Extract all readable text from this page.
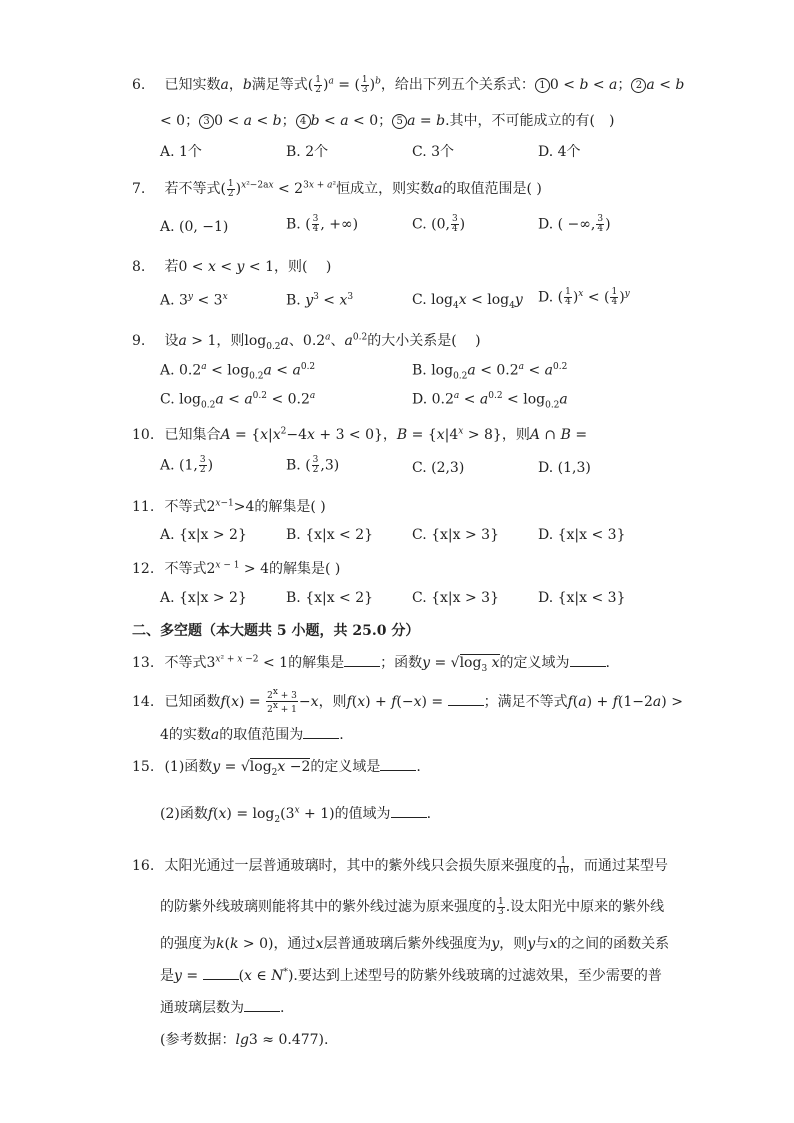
6. 已知实数a，b满足等式( $\frac{1}{2} )^a$ = ( $\frac{1}{3} )^b$，给出下列五个关系式： 1 0 < b < a； 2 a < b
< 0； 3 0 < a < b； 4 b < a < 0； 5 a = b.其中，不可能成立的有(　)
A. 1个	B. 2个	C. 3个	D. 4个
7. 若不等式( $\frac{1}{2} )^{x^2-2ax} < 2^{3x + a^2}$恒成立，则实数a的取值范围是( )
A. (0, −1)	B. ( $\frac{3}{4}$ , +∞)	C. (0, $\frac{3}{4}$ )	D. ( −∞, $\frac{3}{4}$ )
8. 若0 < x < y < 1，则(　 )
A. $3^y < 3^x$	B. $y^3 < x^3$	C. $\log_4x < \log_4y$ D. ( $\frac{1}{4} )^x$ < ( $\frac{1}{4} )^y$
9. 设a > 1，则$\log_{0.2}a$、0.2$^a$、$a^{0.2}$的大小关系是(　 )
A. $0.2^a < \log_{0.2}a < a^{0.2}$	B. $\log_{0.2}a < 0.2^a < a^{0.2}$
C. $\log_{0.2}a < a^{0.2} < 0.2^a$	D. $0.2^a < a^{0.2} < \log_{0.2}a$
10. 已知集合$A = \{x|x^2-4x + 3 < 0\}$，$B = \{x|4^x > 8\}$，则A ∩ B =
A. (1, $\frac{3}{2}$ )	B. ( $\frac{3}{2} ,3$)	C. (2,3)	D. (1,3)
11. 不等式$2^{x-1}>4$的解集是( )
A. {x|x > 2}	B. {x|x < 2}	C. {x|x > 3}	D. {x|x < 3}
12. 不等式$2^{x - 1} > 4$的解集是( )
A. {x|x > 2}	B. {x|x < 2}	C. {x|x > 3}	D. {x|x < 3}
二、多空题（本大题共 5 小题，共 25.0 分）
13. 不等式$3^{x^2 + x -2} < 1$的解集是	；函数$y = √\log_3$ x的定义域为	.
14. 已知函数$f(x) = \frac{2^x + 3}{2^x + 1} -x$，则f(x) + f(−x) =	；满足不等式f(a) + f(1−2a) >
4的实数a的取值范围为	.
15. (1)函数$y = √\log_2x -2$的定义域是	.
(2)函数$f(x) = \log_2(3^x + 1)$的值域为	.
16. 太阳光通过一层普通玻璃时，其中的紫外线只会损失原来强度的 $\frac{1}{10}$ ，而通过某型号
的防紫外线玻璃则能将其中的紫外线过滤为原来强度的 $\frac{1}{3}$ .设太阳光中原来的紫外线
的强度为k(k > 0)，通过x层普通玻璃后紫外线强度为y，则y与x的之间的函数关系
是y =	(x ∈ N*).要达到上述型号的防紫外线玻璃的过滤效果，至少需要的普
通玻璃层数为	.
(参考数据：lg3 ≈ 0.477).
